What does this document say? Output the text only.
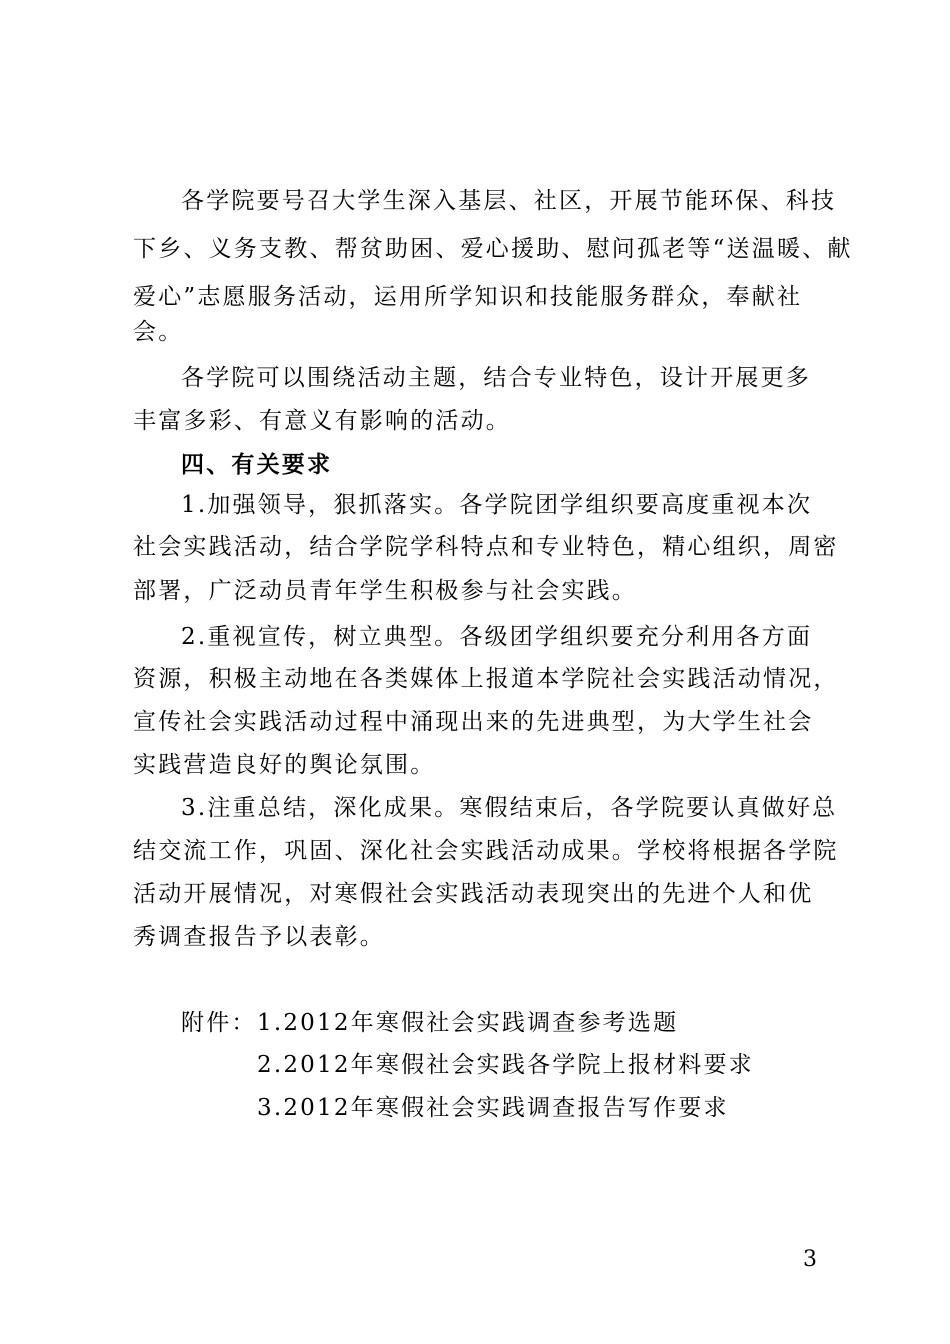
各学院要号召大学生深入基层、社区，开展节能环保、科技
下乡、义务支教、帮贫助困、爱心援助、慰问孤老等“送温暖、献
爱心”志愿服务活动，运用所学知识和技能服务群众，奉献社
会。
各学院可以围绕活动主题，结合专业特色，设计开展更多
丰富多彩、有意义有影响的活动。
四、有关要求
1.加强领导，狠抓落实。各学院团学组织要高度重视本次
社会实践活动，结合学院学科特点和专业特色，精心组织，周密
部署，广泛动员青年学生积极参与社会实践。
2.重视宣传，树立典型。各级团学组织要充分利用各方面
资源，积极主动地在各类媒体上报道本学院社会实践活动情况，
宣传社会实践活动过程中涌现出来的先进典型，为大学生社会
实践营造良好的舆论氛围。
3.注重总结，深化成果。寒假结束后，各学院要认真做好总
结交流工作，巩固、深化社会实践活动成果。学校将根据各学院
活动开展情况，对寒假社会实践活动表现突出的先进个人和优
秀调查报告予以表彰。
附件： 1.2012年寒假社会实践调查参考选题
2.2012年寒假社会实践各学院上报材料要求
3.2012年寒假社会实践调查报告写作要求
3
